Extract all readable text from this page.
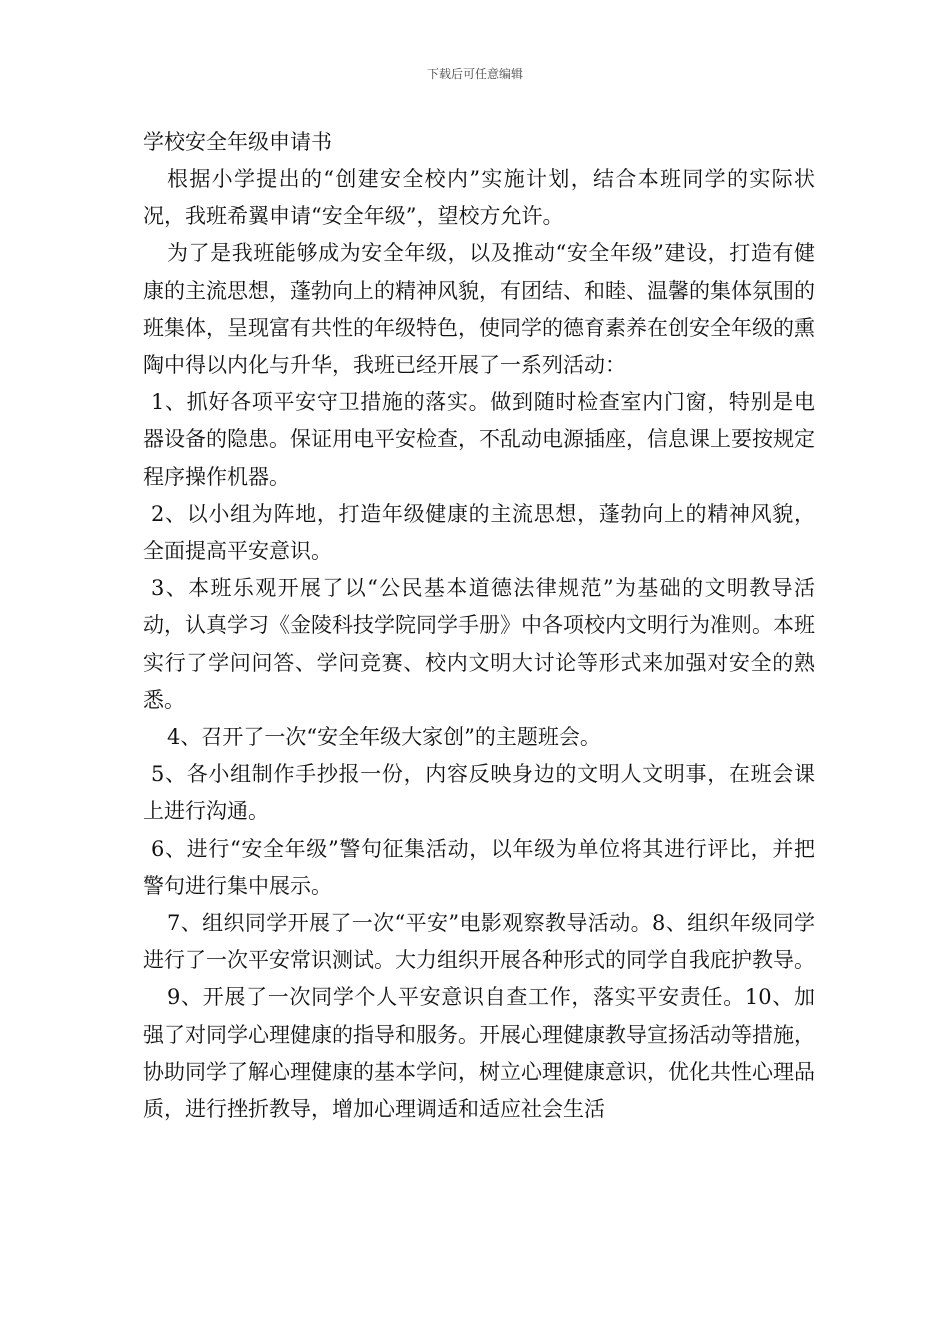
下载后可任意编辑
学校安全年级申请书

根据小学提出的“创建安全校内”实施计划，结合本班同学的实际状况，我班希翼申请“安全年级”，望校方允许。

为了是我班能够成为安全年级，以及推动“安全年级”建设，打造有健康的主流思想，蓬勃向上的精神风貌，有团结、和睦、温馨的集体氛围的班集体，呈现富有共性的年级特色，使同学的德育素养在创安全年级的熏陶中得以内化与升华，我班已经开展了一系列活动：

1、抓好各项平安守卫措施的落实。做到随时检查室内门窗，特别是电器设备的隐患。保证用电平安检查，不乱动电源插座，信息课上要按规定程序操作机器。

2、以小组为阵地，打造年级健康的主流思想，蓬勃向上的精神风貌，全面提高平安意识。

3、本班乐观开展了以“公民基本道德法律规范”为基础的文明教导活动，认真学习《金陵科技学院同学手册》中各项校内文明行为准则。本班实行了学问问答、学问竞赛、校内文明大讨论等形式来加强对安全的熟悉。

4、召开了一次“安全年级大家创”的主题班会。

5、各小组制作手抄报一份，内容反映身边的文明人文明事，在班会课上进行沟通。

6、进行“安全年级”警句征集活动，以年级为单位将其进行评比，并把警句进行集中展示。

7、组织同学开展了一次“平安”电影观察教导活动。8、组织年级同学进行了一次平安常识测试。大力组织开展各种形式的同学自我庇护教导。

9、开展了一次同学个人平安意识自查工作，落实平安责任。10、加强了对同学心理健康的指导和服务。开展心理健康教导宣扬活动等措施，协助同学了解心理健康的基本学问，树立心理健康意识，优化共性心理品质，进行挫折教导，增加心理调适和适应社会生活
